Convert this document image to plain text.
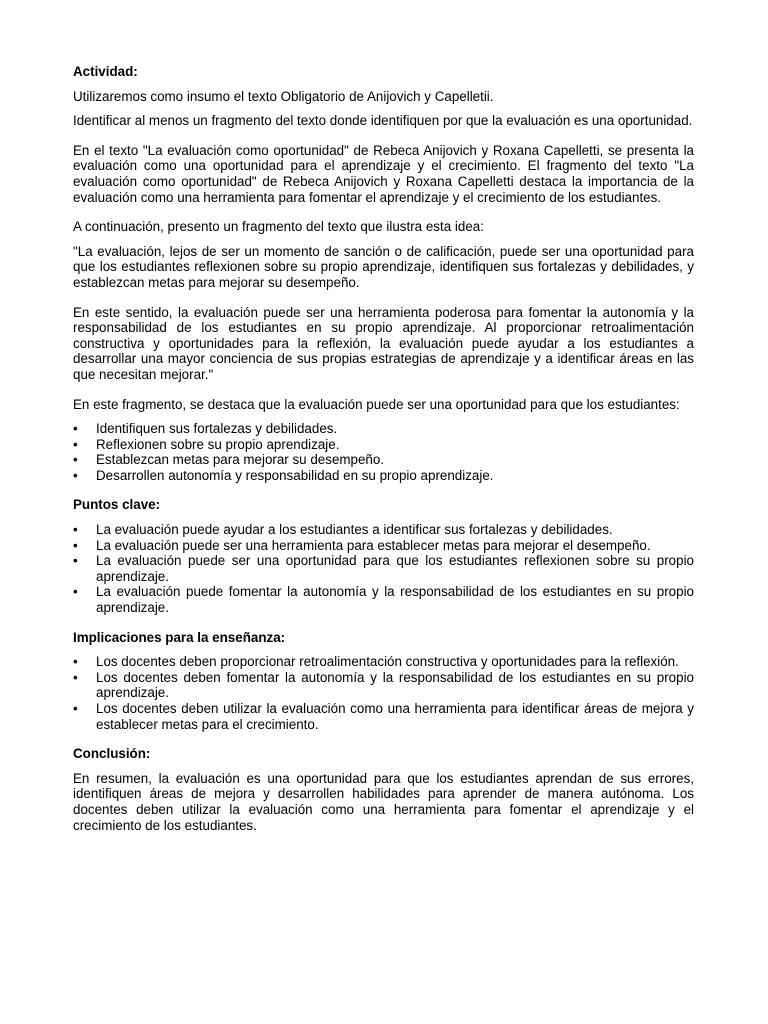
Actividad:

Utilizaremos como insumo el texto Obligatorio de Anijovich y Capelletii.

Identificar al menos un fragmento del texto donde identifiquen por que la evaluación es una oportunidad.

En el texto "La evaluación como oportunidad" de Rebeca Anijovich y Roxana Capelletti, se presenta la evaluación como una oportunidad para el aprendizaje y el crecimiento. El fragmento del texto "La evaluación como oportunidad" de Rebeca Anijovich y Roxana Capelletti destaca la importancia de la evaluación como una herramienta para fomentar el aprendizaje y el crecimiento de los estudiantes.

A continuación, presento un fragmento del texto que ilustra esta idea:

"La evaluación, lejos de ser un momento de sanción o de calificación, puede ser una oportunidad para que los estudiantes reflexionen sobre su propio aprendizaje, identifiquen sus fortalezas y debilidades, y establezcan metas para mejorar su desempeño.

En este sentido, la evaluación puede ser una herramienta poderosa para fomentar la autonomía y la responsabilidad de los estudiantes en su propio aprendizaje. Al proporcionar retroalimentación constructiva y oportunidades para la reflexión, la evaluación puede ayudar a los estudiantes a desarrollar una mayor conciencia de sus propias estrategias de aprendizaje y a identificar áreas en las que necesitan mejorar."

En este fragmento, se destaca que la evaluación puede ser una oportunidad para que los estudiantes:

• Identifiquen sus fortalezas y debilidades.
• Reflexionen sobre su propio aprendizaje.
• Establezcan metas para mejorar su desempeño.
• Desarrollen autonomía y responsabilidad en su propio aprendizaje.

Puntos clave:

• La evaluación puede ayudar a los estudiantes a identificar sus fortalezas y debilidades.
• La evaluación puede ser una herramienta para establecer metas para mejorar el desempeño.
• La evaluación puede ser una oportunidad para que los estudiantes reflexionen sobre su propio aprendizaje.
• La evaluación puede fomentar la autonomía y la responsabilidad de los estudiantes en su propio aprendizaje.

Implicaciones para la enseñanza:

• Los docentes deben proporcionar retroalimentación constructiva y oportunidades para la reflexión.
• Los docentes deben fomentar la autonomía y la responsabilidad de los estudiantes en su propio aprendizaje.
• Los docentes deben utilizar la evaluación como una herramienta para identificar áreas de mejora y establecer metas para el crecimiento.

Conclusión:

En resumen, la evaluación es una oportunidad para que los estudiantes aprendan de sus errores, identifiquen áreas de mejora y desarrollen habilidades para aprender de manera autónoma. Los docentes deben utilizar la evaluación como una herramienta para fomentar el aprendizaje y el crecimiento de los estudiantes.
